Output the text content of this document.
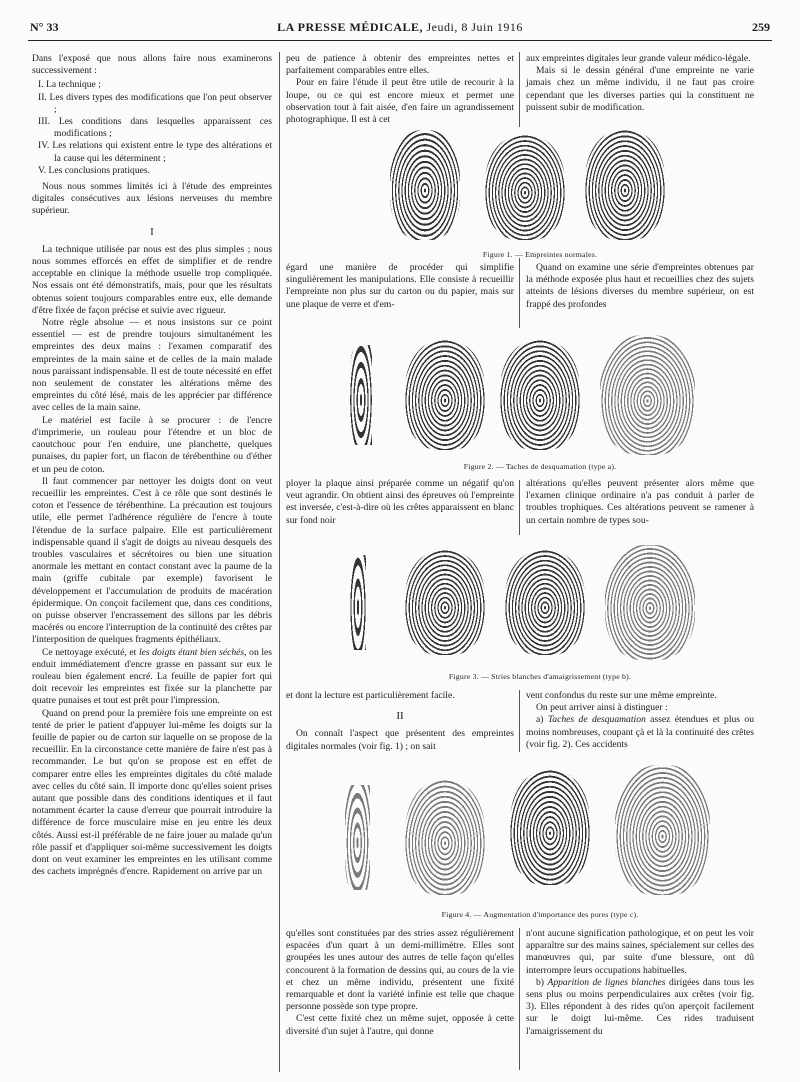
N° 33	LA PRESSE MÉDICALE, Jeudi, 8 Juin 1916	259

Dans l'exposé que nous allons faire nous examinerons successivement :

I. La technique ;
II. Les divers types des modifications que l'on peut observer ;
III. Les conditions dans lesquelles apparaissent ces modifications ;
IV. Les relations qui existent entre le type des altérations et la cause qui les déterminent ;
V. Les conclusions pratiques.

Nous nous sommes limités ici à l'étude des empreintes digitales consécutives aux lésions nerveuses du membre supérieur.

I

La technique utilisée par nous est des plus simples ; nous nous sommes efforcés en effet de simplifier et de rendre acceptable en clinique la méthode usuelle trop compliquée. Nos essais ont été démonstratifs, mais, pour que les résultats obtenus soient toujours comparables entre eux, elle demande d'être fixée de façon précise et suivie avec rigueur.

Notre règle absolue — et nous insistons sur ce point essentiel — est de prendre toujours simultanément les empreintes des deux mains : l'examen comparatif des empreintes de la main saine et de celles de la main malade nous paraissant indispensable. Il est de toute nécessité en effet non seulement de constater les altérations même des empreintes du côté lésé, mais de les apprécier par différence avec celles de la main saine.

Le matériel est facile à se procurer : de l'encre d'imprimerie, un rouleau pour l'étendre et un bloc de caoutchouc pour l'en enduire, une planchette, quelques punaises, du papier fort, un flacon de térébenthine ou d'éther et un peu de coton.

Il faut commencer par nettoyer les doigts dont on veut recueillir les empreintes. C'est à ce rôle que sont destinés le coton et l'essence de térébenthine. La précaution est toujours utile, elle permet l'adhérence régulière de l'encre à toute l'étendue de la surface palpaire. Elle est particulièrement indispensable quand il s'agit de doigts au niveau desquels des troubles vasculaires et sécrétoires ou bien une situation anormale les mettant en contact constant avec la paume de la main (griffe cubitale par exemple) favorisent le développement et l'accumulation de produits de macération épidermique. On conçoit facilement que, dans ces conditions, on puisse observer l'encrassement des sillons par les débris macérés ou encore l'interruption de la continuité des crêtes par l'interposition de quelques fragments épithéliaux.

Ce nettoyage exécuté, et les doigts étant bien séchés, on les enduit immédiatement d'encre grasse en passant sur eux le rouleau bien également encré. La feuille de papier fort qui doit recevoir les empreintes est fixée sur la planchette par quatre punaises et tout est prêt pour l'impression.

Quand on prend pour la première fois une empreinte on est tenté de prier le patient d'appuyer lui-même les doigts sur la feuille de papier ou de carton sur laquelle on se propose de la recueillir. En la circonstance cette manière de faire n'est pas à recommander. Le but qu'on se propose est en effet de comparer entre elles les empreintes digitales du côté malade avec celles du côté sain. Il importe donc qu'elles soient prises autant que possible dans des conditions identiques et il faut notamment écarter la cause d'erreur que pourrait introduire la différence de force musculaire mise en jeu entre les deux côtés. Aussi est-il préférable de ne faire jouer au malade qu'un rôle passif et d'appliquer soi-même successivement les doigts dont on veut examiner les empreintes en les utilisant comme des cachets imprégnés d'encre. Rapidement on arrive par un

peu de patience à obtenir des empreintes nettes et parfaitement comparables entre elles.

Pour en faire l'étude il peut être utile de recourir à la loupe, ou ce qui est encore mieux et permet une observation tout à fait aisée, d'en faire un agrandissement photographique. Il est à cet

aux empreintes digitales leur grande valeur médico-légale.

Mais si le dessin général d'une empreinte ne varie jamais chez un même individu, il ne faut pas croire cependant que les diverses parties qui la constituent ne puissent subir de modification.

Figure 1. — Empreintes normales.

égard une manière de procéder qui simplifie singulièrement les manipulations. Elle consiste à recueillir l'empreinte non plus sur du carton ou du papier, mais sur une plaque de verre et d'em-

Quand on examine une série d'empreintes obtenues par la méthode exposée plus haut et recueillies chez des sujets atteints de lésions diverses du membre supérieur, on est frappé des profondes

Figure 2. — Taches de desquamation (type a).

ployer la plaque ainsi préparée comme un négatif qu'on veut agrandir. On obtient ainsi des épreuves où l'empreinte est inversée, c'est-à-dire où les crêtes apparaissent en blanc sur fond noir

altérations qu'elles peuvent présenter alors même que l'examen clinique ordinaire n'a pas conduit à parler de troubles trophiques. Ces altérations peuvent se ramener à un certain nombre de types sou-

Figure 3. — Stries blanches d'amaigrissement (type b).

et dont la lecture est particulièrement facile.

II

On connaît l'aspect que présentent des empreintes digitales normales (voir fig. 1) ; on sait

vent confondus du reste sur une même empreinte.

On peut arriver ainsi à distinguer :

a) Taches de desquamation assez étendues et plus ou moins nombreuses, coupant çà et là la continuité des crêtes (voir fig. 2). Ces accidents

Figure 4. — Augmentation d'importance des pores (type c).

qu'elles sont constituées par des stries assez régulièrement espacées d'un quart à un demi-millimètre. Elles sont groupées les unes autour des autres de telle façon qu'elles concourent à la formation de dessins qui, au cours de la vie et chez un même individu, présentent une fixité remarquable et dont la variété infinie est telle que chaque personne possède son type propre.

C'est cette fixité chez un même sujet, opposée à cette diversité d'un sujet à l'autre, qui donne

n'ont aucune signification pathologique, et on peut les voir apparaître sur des mains saines, spécialement sur celles des manœuvres qui, par suite d'une blessure, ont dû interrompre leurs occupations habituelles.

b) Apparition de lignes blanches dirigées dans tous les sens plus ou moins perpendiculaires aux crêtes (voir fig. 3). Elles répondent à des rides qu'on aperçoit facilement sur le doigt lui-même. Ces rides traduisent l'amaigrissement du
